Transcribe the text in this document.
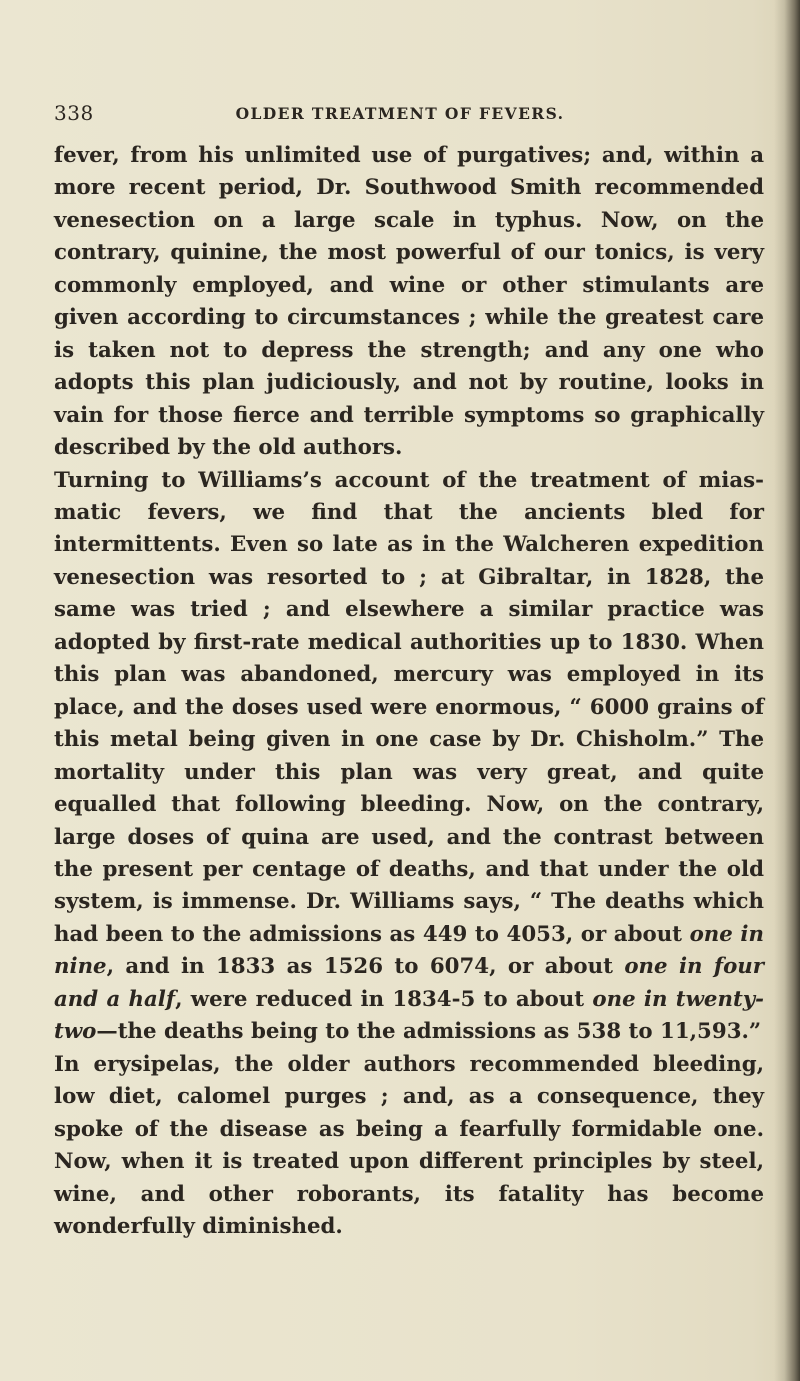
338	OLDER TREATMENT OF FEVERS.

fever, from his unlimited use of purgatives; and, within a more recent period, Dr. Southwood Smith recommended venesection on a large scale in typhus. Now, on the contrary, quinine, the most powerful of our tonics, is very commonly employed, and wine or other stimulants are given according to circumstances ; while the greatest care is taken not to depress the strength; and any one who adopts this plan judiciously, and not by routine, looks in vain for those fierce and terrible symptoms so graphically described by the old authors.

Turning to Williams’s account of the treatment of mias-matic fevers, we find that the ancients bled for intermittents. Even so late as in the Walcheren expedition venesection was resorted to ; at Gibraltar, in 1828, the same was tried ; and elsewhere a similar practice was adopted by first-rate medical authorities up to 1830. When this plan was abandoned, mercury was employed in its place, and the doses used were enormous, “ 6000 grains of this metal being given in one case by Dr. Chisholm.” The mortality under this plan was very great, and quite equalled that following bleeding. Now, on the contrary, large doses of quina are used, and the contrast between the present per centage of deaths, and that under the old system, is immense. Dr. Williams says, “ The deaths which had been to the admissions as 449 to 4053, or about one in nine, and in 1833 as 1526 to 6074, or about one in four and a half, were reduced in 1834-5 to about one in twenty-two—the deaths being to the admissions as 538 to 11,593.”

In erysipelas, the older authors recommended bleeding, low diet, calomel purges ; and, as a consequence, they spoke of the disease as being a fearfully formidable one. Now, when it is treated upon different principles by steel, wine, and other roborants, its fatality has become wonderfully diminished.
